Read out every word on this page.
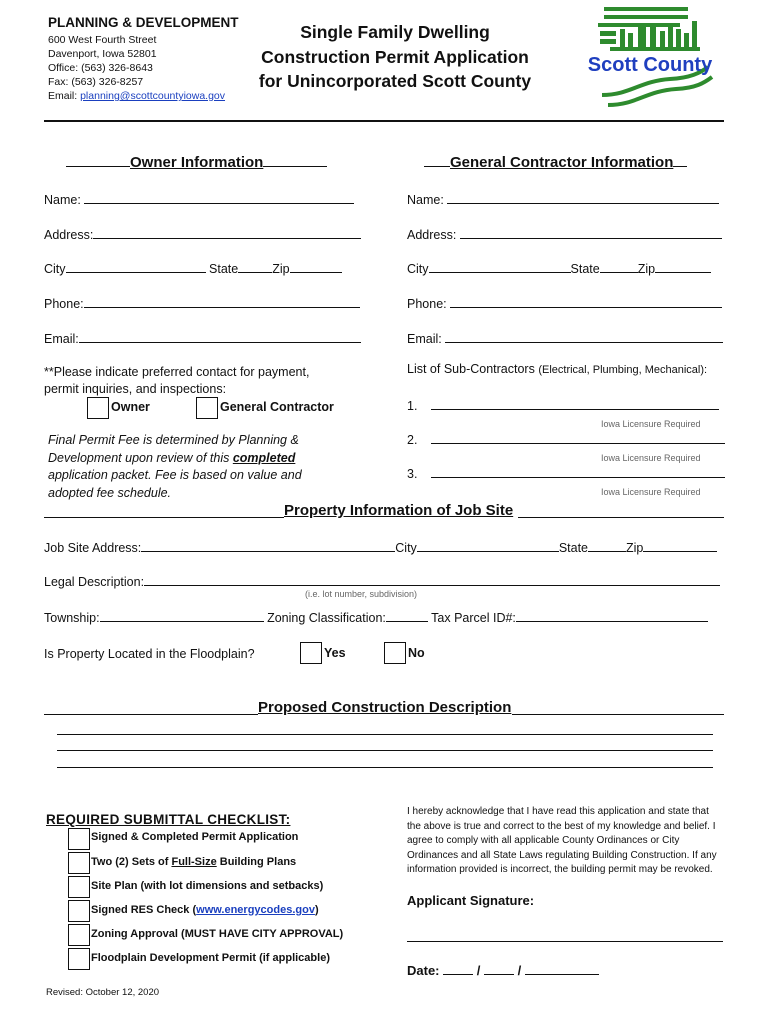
PLANNING & DEVELOPMENT
600 West Fourth Street
Davenport, Iowa 52801
Office: (563) 326-8643
Fax: (563) 326-8257
Email: planning@scottcountyiowa.gov
Single Family Dwelling
Construction Permit Application
for Unincorporated Scott County
Scott County
Owner Information
Name:
Address:
City	State	Zip
Phone:
Email:
**Please indicate preferred contact for payment, permit inquiries, and inspections:
Owner	General Contractor
Final Permit Fee is determined by Planning & Development upon review of this completed application packet. Fee is based on value and adopted fee schedule.
General Contractor Information
Name:
Address:
City	State	Zip
Phone:
Email:
List of Sub-Contractors (Electrical, Plumbing, Mechanical):
1.
Iowa Licensure Required
2.
Iowa Licensure Required
3.
Iowa Licensure Required
Property Information of Job Site
Job Site Address:	City	State	Zip
Legal Description:
(i.e. lot number, subdivision)
Township:	Zoning Classification:	Tax Parcel ID#:
Is Property Located in the Floodplain?	Yes	No
Proposed Construction Description
REQUIRED SUBMITTAL CHECKLIST:
Signed & Completed Permit Application
Two (2) Sets of Full-Size Building Plans
Site Plan (with lot dimensions and setbacks)
Signed RES Check (www.energycodes.gov)
Zoning Approval (MUST HAVE CITY APPROVAL)
Floodplain Development Permit (if applicable)
I hereby acknowledge that I have read this application and state that the above is true and correct to the best of my knowledge and belief. I agree to comply with all applicable County Ordinances or City Ordinances and all State Laws regulating Building Construction. If any information provided is incorrect, the building permit may be revoked.
Applicant Signature:
Date:	/	/
Revised: October 12, 2020
